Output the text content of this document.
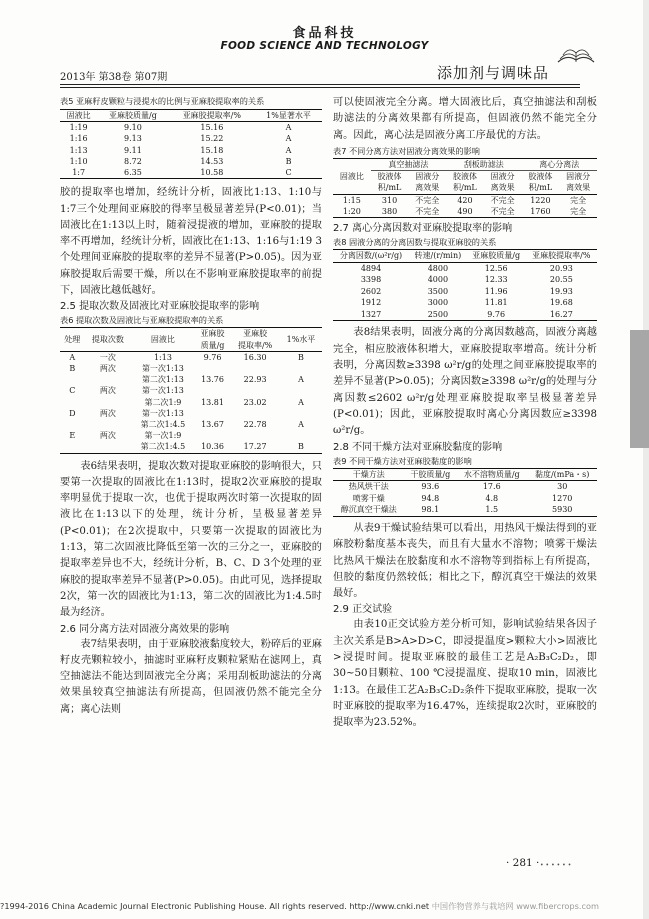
食品科技
FOOD SCIENCE AND TECHNOLOGY
2013年 第38卷 第07期	添加剂与调味品

表5 亚麻籽皮颗粒与浸提水的比例与亚麻胶提取率的关系

固液比	亚麻胶质量/g	亚麻胶提取率/%	1%显著水平
1:19	9.10	15.16	A
1:16	9.13	15.22	A
1:13	9.11	15.18	A
1:10	8.72	14.53	B
1:7	6.35	10.58	C

胶的提取率也增加，经统计分析，固液比1:13、1:10与1:7三个处理间亚麻胶的得率呈极显著差异(P<0.01)；当固液比在1:13以上时，随着浸提液的增加，亚麻胶的提取率不再增加，经统计分析，固液比在1:13、1:16与1:19 3个处理间亚麻胶的提取率的差异不显著(P>0.05)。因为亚麻胶提取后需要干燥，所以在不影响亚麻胶提取率的前提下，固液比越低越好。

2.5 提取次数及固液比对亚麻胶提取率的影响

表6 提取次数及固液比与亚麻胶提取率的关系

处理	提取次数	固液比	亚麻胶	亚麻胶	1%水平
			质量/g	提取率/%	
A	一次	1:13	9.76	16.30	B
B	两次	第一次1:13			
		第二次1:13	13.76	22.93	A
C	两次	第一次1:13			
		第二次1:9	13.81	23.02	A
D	两次	第一次1:13			
		第二次1:4.5	13.67	22.78	A
E	两次	第一次1:9			
		第二次1:4.5	10.36	17.27	B

表6结果表明，提取次数对提取亚麻胶的影响很大，只要第一次提取的固液比在1:13时，提取2次亚麻胶的提取率明显优于提取一次，也优于提取两次时第一次提取的固液比在1:13以下的处理，统计分析，呈极显著差异(P<0.01)；在2次提取中，只要第一次提取的固液比为1:13，第二次固液比降低至第一次的三分之一，亚麻胶的提取率差异也不大，经统计分析，B、C、D 3个处理的亚麻胶的提取率差异不显著(P>0.05)。由此可见，选择提取2次，第一次的固液比为1:13，第二次的固液比为1:4.5时最为经济。

2.6 同分离方法对固液分离效果的影响

表7结果表明，由于亚麻胶液黏度较大，粉碎后的亚麻籽皮壳颗粒较小，抽滤时亚麻籽皮颗粒紧贴在滤网上，真空抽滤法不能达到固液完全分离；采用刮板助滤法的分离效果虽较真空抽滤法有所提高，但固液仍然不能完全分离；离心法则

可以使固液完全分离。增大固液比后，真空抽滤法和刮板助滤法的分离效果都有所提高，但固液仍然不能完全分离。因此，离心法是固液分离工序最优的方法。

表7 不同分离方法对固液分离效果的影响

固液比	真空抽滤法		刮板助滤法		离心分离法	
	胶液体	固液分	胶液体	固液分	胶液体	固液分
	积/mL	离效果	积/mL	离效果	积/mL	离效果
1:15	310	不完全	420	不完全	1220	完全
1:20	380	不完全	490	不完全	1760	完全

2.7 离心分离因数对亚麻胶提取率的影响

表8 固液分离的分离因数与提取亚麻胶的关系

分离因数/(ω²r/g)	转速/(r/min)	亚麻胶质量/g	亚麻胶提取率/%
4894	4800	12.56	20.93
3398	4000	12.33	20.55
2602	3500	11.96	19.93
1912	3000	11.81	19.68
1327	2500	9.76	16.27

表8结果表明，固液分离的分离因数越高，固液分离越完全，相应胶液体积增大，亚麻胶提取率增高。统计分析表明，分离因数≥3398 ω²r/g的处理之间亚麻胶提取率的差异不显著(P>0.05)；分离因数≥3398 ω²r/g的处理与分离因数≤2602 ω²r/g处理亚麻胶提取率呈极显著差异(P<0.01)；因此，亚麻胶提取时离心分离因数应≥3398 ω²r/g。

2.8 不同干燥方法对亚麻胶黏度的影响

表9 不同干燥方法对亚麻胶黏度的影响

干燥方法	干胶质量/g	水不溶物质量/g	黏度/(mPa・s)
热风烘干法	93.6	17.6	30
喷雾干燥	94.8	4.8	1270
醇沉真空干燥法	98.1	1.5	5930

从表9干燥试验结果可以看出，用热风干燥法得到的亚麻胶粉黏度基本丧失，而且有大量水不溶物；喷雾干燥法比热风干燥法在胶黏度和水不溶物等到指标上有所提高，但胶的黏度仍然较低；相比之下，醇沉真空干燥法的效果最好。

2.9 正交试验

由表10正交试验方差分析可知，影响试验结果各因子主次关系是B>A>D>C，即浸提温度>颗粒大小>固液比>浸提时间。提取亚麻胶的最佳工艺是A₂B₃C₂D₂，即30~50目颗粒、100 ℃浸提温度、提取10 min，固液比1:13。在最佳工艺A₂B₃C₂D₂条件下提取亚麻胶，提取一次时亚麻胶的提取率为16.47%，连续提取2次时，亚麻胶的提取率为23.52%。

· 281 · ••••••
?1994-2016 China Academic Journal Electronic Publishing House. All rights reserved. http://www.cnki.net 中国作物营养与栽培网 www.fibercrops.com
